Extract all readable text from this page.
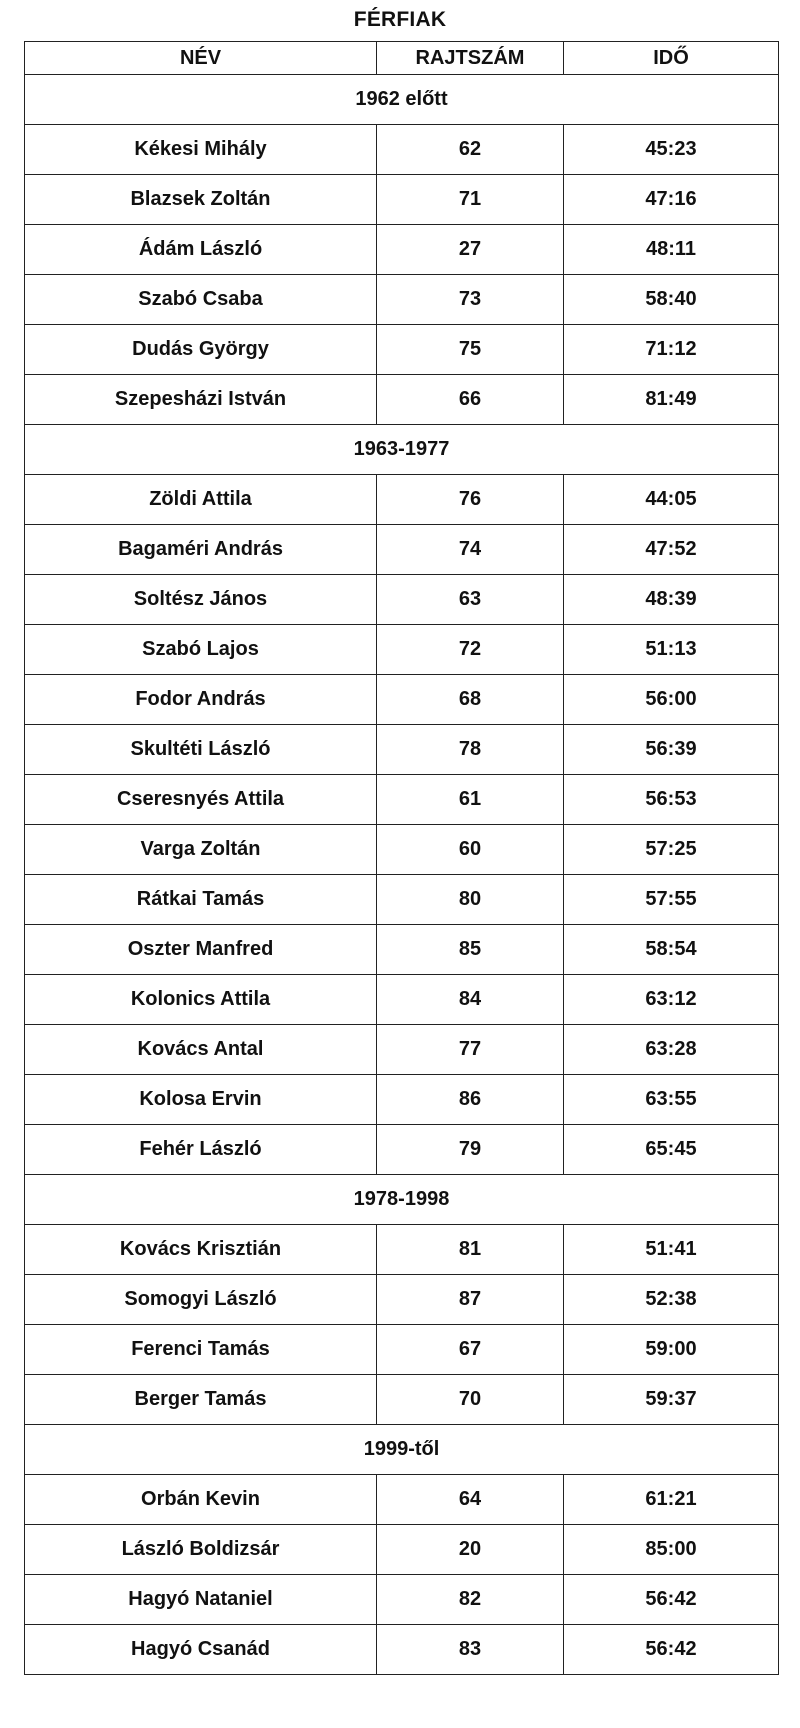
FÉRFIAK
NÉV	RAJTSZÁM	IDŐ
1962 előtt		
Kékesi Mihály	62	45:23
Blazsek Zoltán	71	47:16
Ádám László	27	48:11
Szabó Csaba	73	58:40
Dudás György	75	71:12
Szepesházi István	66	81:49
1963-1977		
Zöldi Attila	76	44:05
Bagaméri András	74	47:52
Soltész János	63	48:39
Szabó Lajos	72	51:13
Fodor András	68	56:00
Skultéti László	78	56:39
Cseresnyés Attila	61	56:53
Varga Zoltán	60	57:25
Rátkai Tamás	80	57:55
Oszter Manfred	85	58:54
Kolonics Attila	84	63:12
Kovács Antal	77	63:28
Kolosa Ervin	86	63:55
Fehér László	79	65:45
1978-1998		
Kovács Krisztián	81	51:41
Somogyi László	87	52:38
Ferenci Tamás	67	59:00
Berger Tamás	70	59:37
1999-től		
Orbán Kevin	64	61:21
László Boldizsár	20	85:00
Hagyó Nataniel	82	56:42
Hagyó Csanád	83	56:42
